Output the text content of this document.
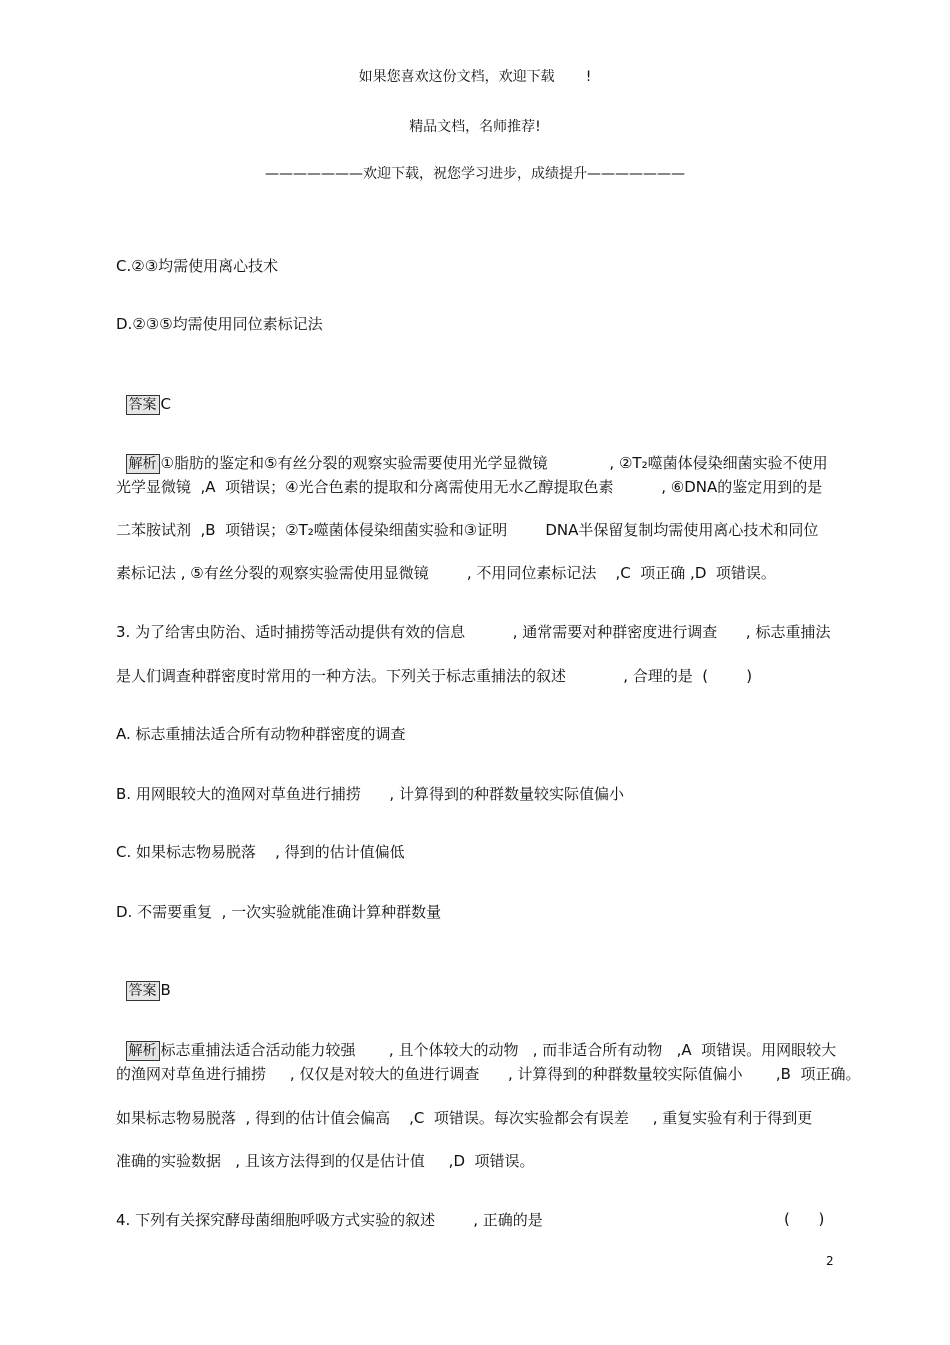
如果您喜欢这份文档，欢迎下载       !
精品文档，名师推荐!
———————欢迎下载，祝您学习进步，成绩提升———————
C.②③均需使用离心技术
D.②③⑤均需使用同位素标记法

答案 C

解析 ①脂肪的鉴定和⑤有丝分裂的观察实验需要使用光学显微镜             , ②T₂噬菌体侵染细菌实验不使用

光学显微镜  ,A  项错误；④光合色素的提取和分离需使用无水乙醇提取色素          , ⑥DNA的鉴定用到的是
二苯胺试剂  ,B  项错误；②T₂噬菌体侵染细菌实验和③证明        DNA半保留复制均需使用离心技术和同位
素标记法 , ⑤有丝分裂的观察实验需使用显微镜        , 不用同位素标记法    ,C  项正确 ,D  项错误。
3. 为了给害虫防治、适时捕捞等活动提供有效的信息          , 通常需要对种群密度进行调查      , 标志重捕法
是人们调查种群密度时常用的一种方法。下列关于标志重捕法的叙述            , 合理的是  (        )
A. 标志重捕法适合所有动物种群密度的调查
B. 用网眼较大的渔网对草鱼进行捕捞      , 计算得到的种群数量较实际值偏小
C. 如果标志物易脱落    , 得到的估计值偏低
D. 不需要重复  , 一次实验就能准确计算种群数量

答案 B

解析 标志重捕法适合活动能力较强       , 且个体较大的动物   , 而非适合所有动物   ,A  项错误。用网眼较大

的渔网对草鱼进行捕捞     , 仅仅是对较大的鱼进行调查      , 计算得到的种群数量较实际值偏小       ,B  项正确。
如果标志物易脱落  , 得到的估计值会偏高    ,C  项错误。每次实验都会有误差     , 重复实验有利于得到更
准确的实验数据   , 且该方法得到的仅是估计值     ,D  项错误。
4. 下列有关探究酵母菌细胞呼吸方式实验的叙述        , 正确的是	(      )
2
